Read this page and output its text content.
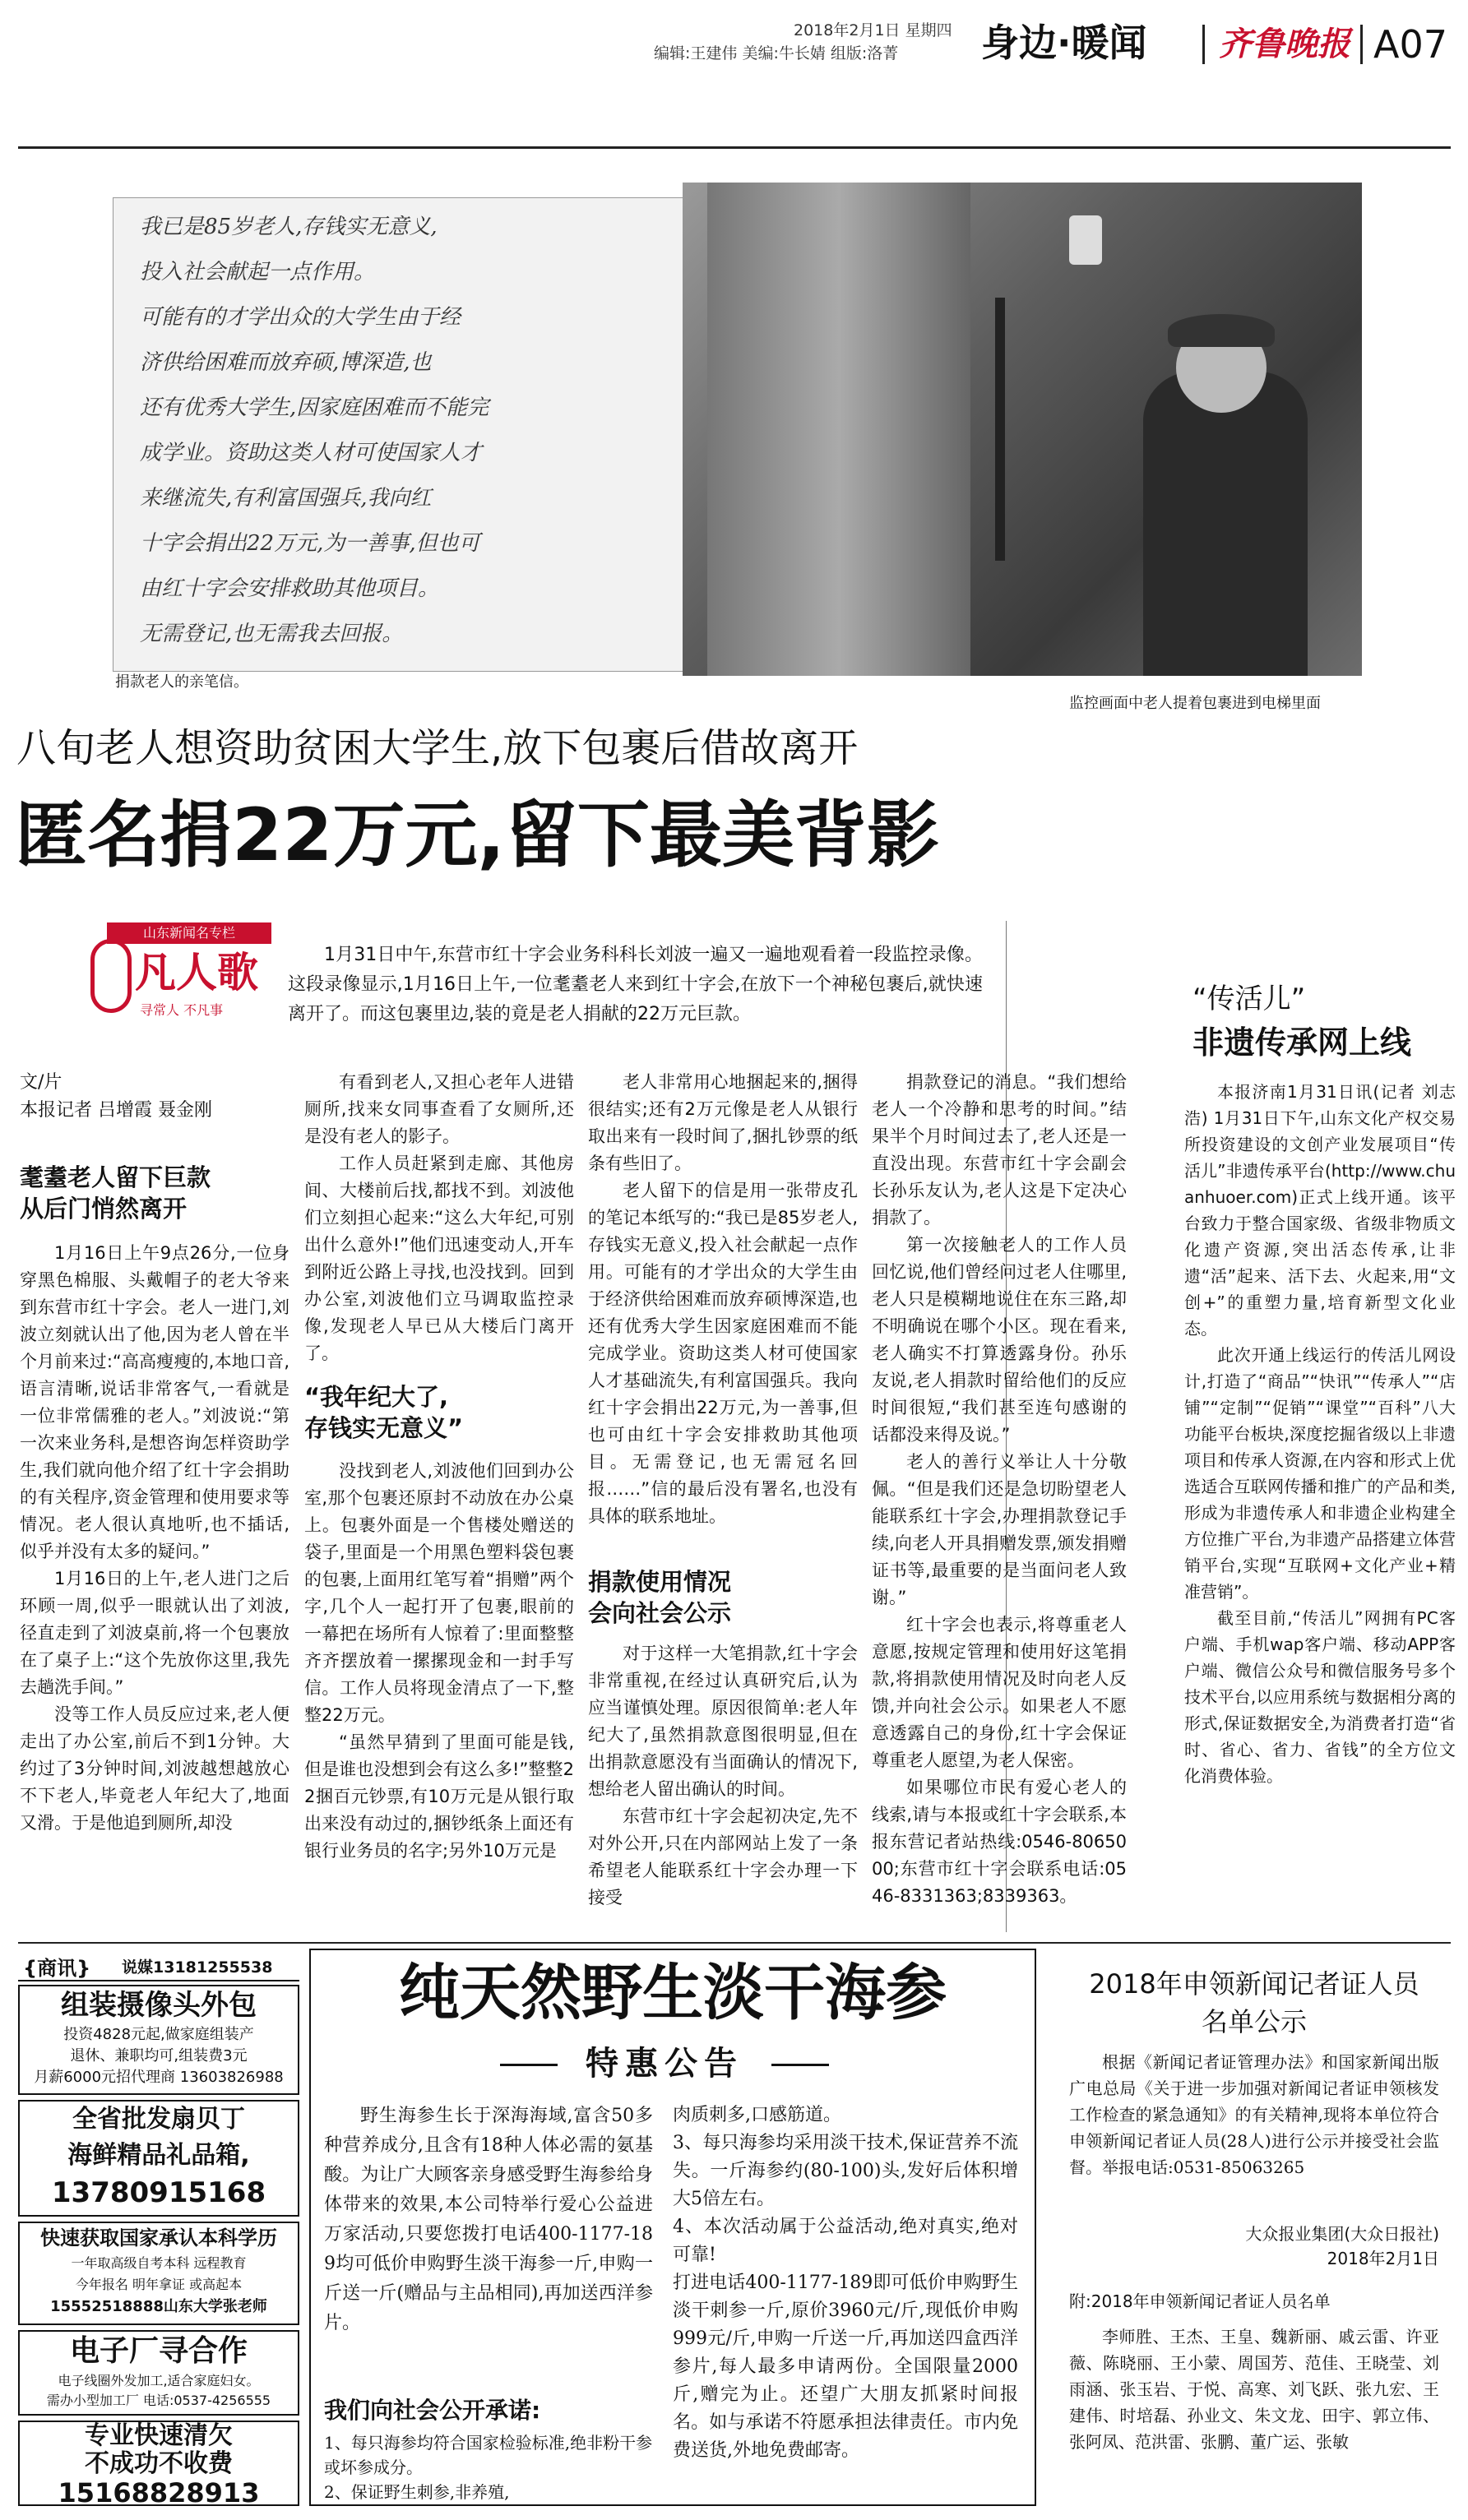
2018年2月1日 星期四
编辑:王建伟 美编:牛长婧 组版:洛菁 身边·暖闻 齐鲁晚报 A07
我已是85岁老人,存钱实无意义,
投入社会献起一点作用。
可能有的才学出众的大学生由于经
济供给困难而放弃硕,博深造,也
还有优秀大学生,因家庭困难而不能完
成学业。资助这类人材可使国家人才
来继流失,有利富国强兵,我向红
十字会捐出22万元,为一善事,但也可
由红十字会安排救助其他项目。
无需登记,也无需我去回报。
捐款老人的亲笔信。
监控画面中老人提着包裹进到电梯里面
八旬老人想资助贫困大学生,放下包裹后借故离开
匿名捐22万元,留下最美背影
山东新闻名专栏
凡人歌
寻常人 不凡事
1月31日中午,东营市红十字会业务科科长刘波一遍又一遍地观看着一段监控录像。这段录像显示,1月16日上午,一位耄耋老人来到红十字会,在放下一个神秘包裹后,就快速离开了。而这包裹里边,装的竟是老人捐献的22万元巨款。
文/片
本报记者 吕增霞 聂金刚
耄耋老人留下巨款
从后门悄然离开

1月16日上午9点26分,一位身穿黑色棉服、头戴帽子的老大爷来到东营市红十字会。老人一进门,刘波立刻就认出了他,因为老人曾在半个月前来过:“高高瘦瘦的,本地口音,语言清晰,说话非常客气,一看就是一位非常儒雅的老人。”刘波说:“第一次来业务科,是想咨询怎样资助学生,我们就向他介绍了红十字会捐助的有关程序,资金管理和使用要求等情况。老人很认真地听,也不插话,似乎并没有太多的疑问。”

1月16日的上午,老人进门之后环顾一周,似乎一眼就认出了刘波,径直走到了刘波桌前,将一个包裹放在了桌子上:“这个先放你这里,我先去趟洗手间。”

没等工作人员反应过来,老人便走出了办公室,前后不到1分钟。大约过了3分钟时间,刘波越想越放心不下老人,毕竟老人年纪大了,地面又滑。于是他追到厕所,却没

有看到老人,又担心老年人进错厕所,找来女同事查看了女厕所,还是没有老人的影子。

工作人员赶紧到走廊、其他房间、大楼前后找,都找不到。刘波他们立刻担心起来:“这么大年纪,可别出什么意外!”他们迅速变动人,开车到附近公路上寻找,也没找到。回到办公室,刘波他们立马调取监控录像,发现老人早已从大楼后门离开了。

“我年纪大了,
存钱实无意义”

没找到老人,刘波他们回到办公室,那个包裹还原封不动放在办公桌上。包裹外面是一个售楼处赠送的袋子,里面是一个用黑色塑料袋包裹的包裹,上面用红笔写着“捐赠”两个字,几个人一起打开了包裹,眼前的一幕把在场所有人惊着了:里面整整齐齐摆放着一摞摞现金和一封手写信。工作人员将现金清点了一下,整整22万元。

“虽然早猜到了里面可能是钱,但是谁也没想到会有这么多!”整整22捆百元钞票,有10万元是从银行取出来没有动过的,捆钞纸条上面还有银行业务员的名字;另外10万元是

老人非常用心地捆起来的,捆得很结实;还有2万元像是老人从银行取出来有一段时间了,捆扎钞票的纸条有些旧了。

老人留下的信是用一张带皮孔的笔记本纸写的:“我已是85岁老人,存钱实无意义,投入社会献起一点作用。可能有的才学出众的大学生由于经济供给困难而放弃硕博深造,也还有优秀大学生因家庭困难而不能完成学业。资助这类人材可使国家人才基础流失,有利富国强兵。我向红十字会捐出22万元,为一善事,但也可由红十字会安排救助其他项目。无需登记,也无需冠名回报……”信的最后没有署名,也没有具体的联系地址。

捐款使用情况
会向社会公示

对于这样一大笔捐款,红十字会非常重视,在经过认真研究后,认为应当谨慎处理。原因很简单:老人年纪大了,虽然捐款意图很明显,但在出捐款意愿没有当面确认的情况下,想给老人留出确认的时间。

东营市红十字会起初决定,先不对外公开,只在内部网站上发了一条希望老人能联系红十字会办理一下接受

捐款登记的消息。“我们想给老人一个冷静和思考的时间。”结果半个月时间过去了,老人还是一直没出现。东营市红十字会副会长孙乐友认为,老人这是下定决心捐款了。

第一次接触老人的工作人员回忆说,他们曾经问过老人住哪里,老人只是模糊地说住在东三路,却不明确说在哪个小区。现在看来,老人确实不打算透露身份。孙乐友说,老人捐款时留给他们的反应时间很短,“我们甚至连句感谢的话都没来得及说。”

老人的善行义举让人十分敬佩。“但是我们还是急切盼望老人能联系红十字会,办理捐款登记手续,向老人开具捐赠发票,颁发捐赠证书等,最重要的是当面问老人致谢。”

红十字会也表示,将尊重老人意愿,按规定管理和使用好这笔捐款,将捐款使用情况及时向老人反馈,并向社会公示。如果老人不愿意透露自己的身份,红十字会保证尊重老人愿望,为老人保密。

如果哪位市民有爱心老人的线索,请与本报或红十字会联系,本报东营记者站热线:0546-8065000;东营市红十字会联系电话:0546-8331363;8339363。

“传活儿”
非遗传承网上线

本报济南1月31日讯(记者 刘志浩) 1月31日下午,山东文化产权交易所投资建设的文创产业发展项目“传活儿”非遗传承平台(http://www.chuanhuoer.com)正式上线开通。该平台致力于整合国家级、省级非物质文化遗产资源,突出活态传承,让非遗“活”起来、活下去、火起来,用“文创+”的重塑力量,培育新型文化业态。

此次开通上线运行的传活儿网设计,打造了“商品”“快讯”“传承人”“店铺”“定制”“促销”“课堂”“百科”八大功能平台板块,深度挖掘省级以上非遗项目和传承人资源,在内容和形式上优选适合互联网传播和推广的产品和类,形成为非遗传承人和非遗企业构建全方位推广平台,为非遗产品搭建立体营销平台,实现“互联网+文化产业+精准营销”。

截至目前,“传活儿”网拥有PC客户端、手机wap客户端、移动APP客户端、微信公众号和微信服务号多个技术平台,以应用系统与数据相分离的形式,保证数据安全,为消费者打造“省时、省心、省力、省钱”的全方位文化消费体验。

{商讯} 说媒13181255538
组装摄像头外包
投资4828元起,做家庭组装产
退休、兼职均可,组装费3元
月薪6000元招代理商 13603826988
全省批发扇贝丁
海鲜精品礼品箱,
13780915168
快速获取国家承认本科学历
一年取高级自考本科 远程教育
今年报名 明年拿证 或高起本
15552518888山东大学张老师
电子厂寻合作
电子线圈外发加工,适合家庭妇女。
需办小型加工厂 电话:0537-4256555
专业快速清欠
不成功不收费
15168828913
纯天然野生淡干海参
特惠公告
野生海参生长于深海海域,富含50多种营养成分,且含有18种人体必需的氨基酸。为让广大顾客亲身感受野生海参给身体带来的效果,本公司特举行爱心公益进万家活动,只要您拨打电话400-1177-189均可低价申购野生淡干海参一斤,申购一斤送一斤(赠品与主品相同),再加送西洋参片。
我们向社会公开承诺:
1、每只海参均符合国家检验标准,绝非粉干参或坏参成分。
2、保证野生刺参,非养殖,
肉质刺多,口感筋道。
3、每只海参均采用淡干技术,保证营养不流失。一斤海参约(80-100)头,发好后体积增大5倍左右。
4、本次活动属于公益活动,绝对真实,绝对可靠!
打进电话400-1177-189即可低价申购野生淡干刺参一斤,原价3960元/斤,现低价申购999元/斤,申购一斤送一斤,再加送四盒西洋参片,每人最多申请两份。全国限量2000斤,赠完为止。还望广大朋友抓紧时间报名。如与承诺不符愿承担法律责任。市内免费送货,外地免费邮寄。
2018年申领新闻记者证人员
名单公示
根据《新闻记者证管理办法》和国家新闻出版广电总局《关于进一步加强对新闻记者证申领核发工作检查的紧急通知》的有关精神,现将本单位符合申领新闻记者证人员(28人)进行公示并接受社会监督。举报电话:0531-85063265
大众报业集团(大众日报社)
2018年2月1日
附:2018年申领新闻记者证人员名单
李师胜、王杰、王皇、魏新丽、戚云雷、许亚薇、陈晓丽、王小蒙、周国芳、范佳、王晓莹、刘雨涵、张玉岩、于悦、高寒、刘飞跃、张九宏、王建伟、时培磊、孙业文、朱文龙、田宇、郭立伟、张阿凤、范洪雷、张鹏、董广运、张敏
